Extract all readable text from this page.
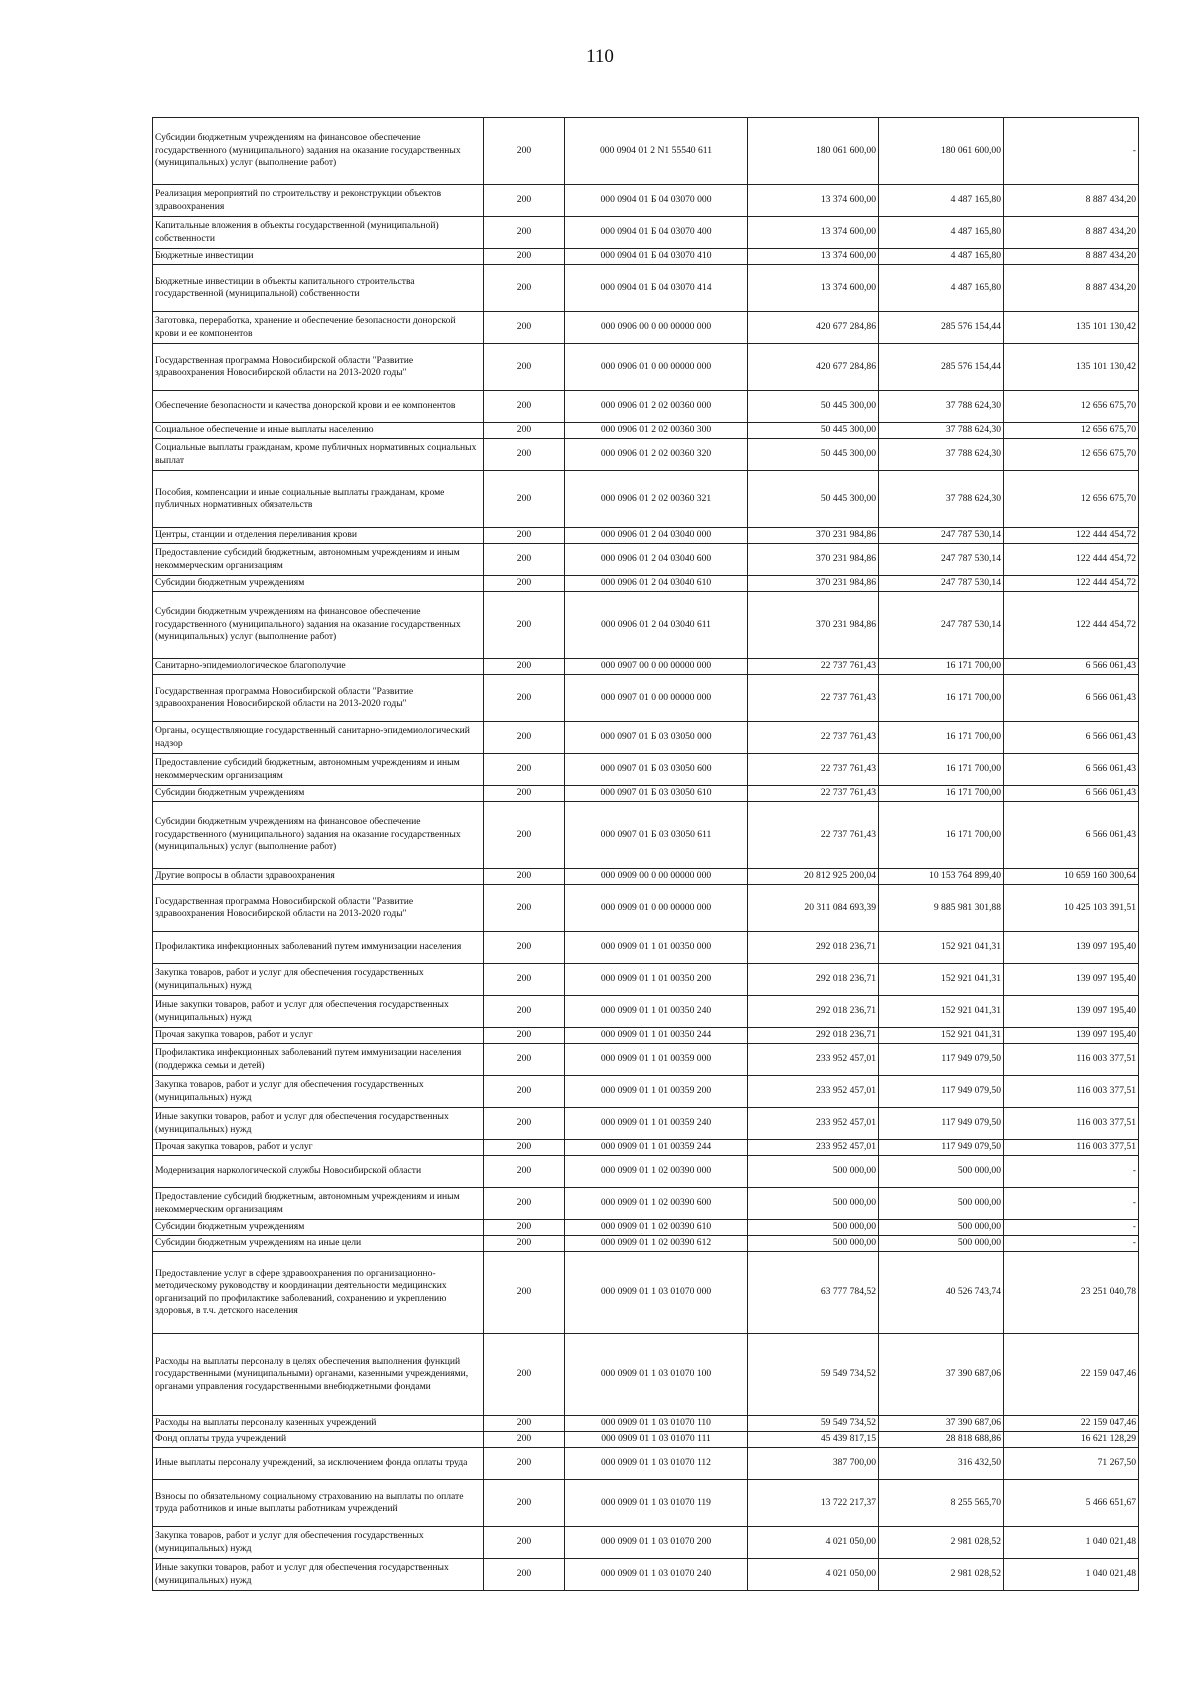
110
Субсидии бюджетным учреждениям на финансовое обеспечение государственного (муниципального) задания на оказание государственных (муниципальных) услуг (выполнение работ)	200	000 0904 01 2 N1 55540 611	180 061 600,00	180 061 600,00	-
Реализация мероприятий по строительству и реконструкции объектов здравоохранения	200	000 0904 01 Б 04 03070 000	13 374 600,00	4 487 165,80	8 887 434,20
Капитальные вложения в объекты государственной (муниципальной) собственности	200	000 0904 01 Б 04 03070 400	13 374 600,00	4 487 165,80	8 887 434,20
Бюджетные инвестиции	200	000 0904 01 Б 04 03070 410	13 374 600,00	4 487 165,80	8 887 434,20
Бюджетные инвестиции в объекты капитального строительства государственной (муниципальной) собственности	200	000 0904 01 Б 04 03070 414	13 374 600,00	4 487 165,80	8 887 434,20
Заготовка, переработка, хранение и обеспечение безопасности донорской крови и ее компонентов	200	000 0906 00 0 00 00000 000	420 677 284,86	285 576 154,44	135 101 130,42
Государственная программа Новосибирской области "Развитие здравоохранения Новосибирской области на 2013-2020 годы"	200	000 0906 01 0 00 00000 000	420 677 284,86	285 576 154,44	135 101 130,42
Обеспечение безопасности и качества донорской крови и ее компонентов	200	000 0906 01 2 02 00360 000	50 445 300,00	37 788 624,30	12 656 675,70
Социальное обеспечение и иные выплаты населению	200	000 0906 01 2 02 00360 300	50 445 300,00	37 788 624,30	12 656 675,70
Социальные выплаты гражданам, кроме публичных нормативных социальных выплат	200	000 0906 01 2 02 00360 320	50 445 300,00	37 788 624,30	12 656 675,70
Пособия, компенсации и иные социальные выплаты гражданам, кроме публичных нормативных обязательств	200	000 0906 01 2 02 00360 321	50 445 300,00	37 788 624,30	12 656 675,70
Центры, станции и отделения переливания крови	200	000 0906 01 2 04 03040 000	370 231 984,86	247 787 530,14	122 444 454,72
Предоставление субсидий бюджетным, автономным учреждениям и иным некоммерческим организациям	200	000 0906 01 2 04 03040 600	370 231 984,86	247 787 530,14	122 444 454,72
Субсидии бюджетным учреждениям	200	000 0906 01 2 04 03040 610	370 231 984,86	247 787 530,14	122 444 454,72
Субсидии бюджетным учреждениям на финансовое обеспечение государственного (муниципального) задания на оказание государственных (муниципальных) услуг (выполнение работ)	200	000 0906 01 2 04 03040 611	370 231 984,86	247 787 530,14	122 444 454,72
Санитарно-эпидемиологическое благополучие	200	000 0907 00 0 00 00000 000	22 737 761,43	16 171 700,00	6 566 061,43
Государственная программа Новосибирской области "Развитие здравоохранения Новосибирской области на 2013-2020 годы"	200	000 0907 01 0 00 00000 000	22 737 761,43	16 171 700,00	6 566 061,43
Органы, осуществляющие государственный санитарно-эпидемиологический надзор	200	000 0907 01 Б 03 03050 000	22 737 761,43	16 171 700,00	6 566 061,43
Предоставление субсидий бюджетным, автономным учреждениям и иным некоммерческим организациям	200	000 0907 01 Б 03 03050 600	22 737 761,43	16 171 700,00	6 566 061,43
Субсидии бюджетным учреждениям	200	000 0907 01 Б 03 03050 610	22 737 761,43	16 171 700,00	6 566 061,43
Субсидии бюджетным учреждениям на финансовое обеспечение государственного (муниципального) задания на оказание государственных (муниципальных) услуг (выполнение работ)	200	000 0907 01 Б 03 03050 611	22 737 761,43	16 171 700,00	6 566 061,43
Другие вопросы в области здравоохранения	200	000 0909 00 0 00 00000 000	20 812 925 200,04	10 153 764 899,40	10 659 160 300,64
Государственная программа Новосибирской области "Развитие здравоохранения Новосибирской области на 2013-2020 годы"	200	000 0909 01 0 00 00000 000	20 311 084 693,39	9 885 981 301,88	10 425 103 391,51
Профилактика инфекционных заболеваний путем иммунизации населения	200	000 0909 01 1 01 00350 000	292 018 236,71	152 921 041,31	139 097 195,40
Закупка товаров, работ и услуг для обеспечения государственных (муниципальных) нужд	200	000 0909 01 1 01 00350 200	292 018 236,71	152 921 041,31	139 097 195,40
Иные закупки товаров, работ и услуг для обеспечения государственных (муниципальных) нужд	200	000 0909 01 1 01 00350 240	292 018 236,71	152 921 041,31	139 097 195,40
Прочая закупка товаров, работ и услуг	200	000 0909 01 1 01 00350 244	292 018 236,71	152 921 041,31	139 097 195,40
Профилактика инфекционных заболеваний путем иммунизации населения (поддержка семьи и детей)	200	000 0909 01 1 01 00359 000	233 952 457,01	117 949 079,50	116 003 377,51
Закупка товаров, работ и услуг для обеспечения государственных (муниципальных) нужд	200	000 0909 01 1 01 00359 200	233 952 457,01	117 949 079,50	116 003 377,51
Иные закупки товаров, работ и услуг для обеспечения государственных (муниципальных) нужд	200	000 0909 01 1 01 00359 240	233 952 457,01	117 949 079,50	116 003 377,51
Прочая закупка товаров, работ и услуг	200	000 0909 01 1 01 00359 244	233 952 457,01	117 949 079,50	116 003 377,51
Модернизация наркологической службы Новосибирской области	200	000 0909 01 1 02 00390 000	500 000,00	500 000,00	-
Предоставление субсидий бюджетным, автономным учреждениям и иным некоммерческим организациям	200	000 0909 01 1 02 00390 600	500 000,00	500 000,00	-
Субсидии бюджетным учреждениям	200	000 0909 01 1 02 00390 610	500 000,00	500 000,00	-
Субсидии бюджетным учреждениям на иные цели	200	000 0909 01 1 02 00390 612	500 000,00	500 000,00	-
Предоставление услуг в сфере здравоохранения по организационно-методическому руководству и координации деятельности медицинских организаций по профилактике заболеваний, сохранению и укреплению здоровья, в т.ч. детского населения	200	000 0909 01 1 03 01070 000	63 777 784,52	40 526 743,74	23 251 040,78
Расходы на выплаты персоналу в целях обеспечения выполнения функций государственными (муниципальными) органами, казенными учреждениями, органами управления государственными внебюджетными фондами	200	000 0909 01 1 03 01070 100	59 549 734,52	37 390 687,06	22 159 047,46
Расходы на выплаты персоналу казенных учреждений	200	000 0909 01 1 03 01070 110	59 549 734,52	37 390 687,06	22 159 047,46
Фонд оплаты труда учреждений	200	000 0909 01 1 03 01070 111	45 439 817,15	28 818 688,86	16 621 128,29
Иные выплаты персоналу учреждений, за исключением фонда оплаты труда	200	000 0909 01 1 03 01070 112	387 700,00	316 432,50	71 267,50
Взносы по обязательному социальному страхованию на выплаты по оплате труда работников и иные выплаты работникам учреждений	200	000 0909 01 1 03 01070 119	13 722 217,37	8 255 565,70	5 466 651,67
Закупка товаров, работ и услуг для обеспечения государственных (муниципальных) нужд	200	000 0909 01 1 03 01070 200	4 021 050,00	2 981 028,52	1 040 021,48
Иные закупки товаров, работ и услуг для обеспечения государственных (муниципальных) нужд	200	000 0909 01 1 03 01070 240	4 021 050,00	2 981 028,52	1 040 021,48
